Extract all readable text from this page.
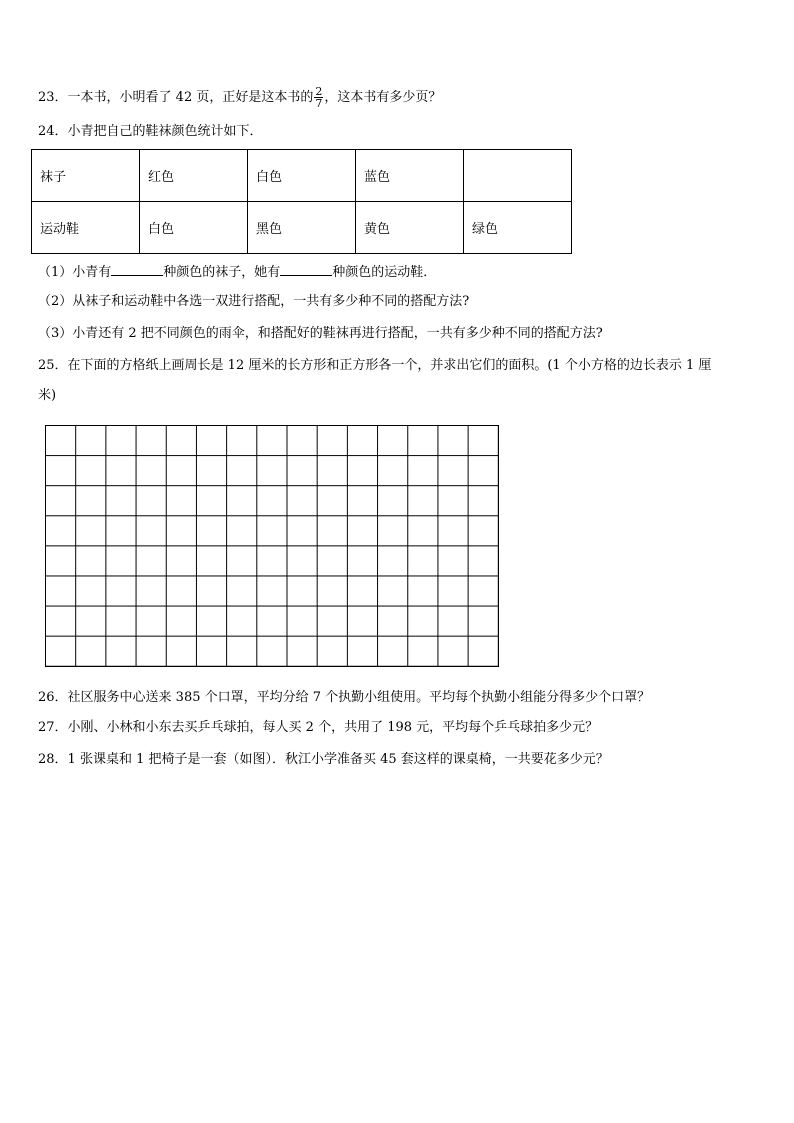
23．一本书，小明看了 42 页，正好是这本书的 $\frac{2}{7}$ ，这本书有多少页？
24．小青把自己的鞋袜颜色统计如下．
袜子	红色	白色	蓝色	
运动鞋	白色	黑色	黄色	绿色
（1）小青有	种颜色的袜子，她有	种颜色的运动鞋．
（2）从袜子和运动鞋中各选一双进行搭配，一共有多少种不同的搭配方法?
（3）小青还有 2 把不同颜色的雨伞，和搭配好的鞋袜再进行搭配，一共有多少种不同的搭配方法?
25．在下面的方格纸上画周长是 12 厘米的长方形和正方形各一个，并求出它们的面积。(1 个小方格的边长表示 1 厘
米)
26．社区服务中心送来 385 个口罩，平均分给 7 个执勤小组使用。平均每个执勤小组能分得多少个口罩？
27．小刚、小林和小东去买乒乓球拍，每人买 2 个，共用了 198 元，平均每个乒乓球拍多少元？
28．1 张课桌和 1 把椅子是一套（如图）．秋江小学准备买 45 套这样的课桌椅，一共要花多少元？
